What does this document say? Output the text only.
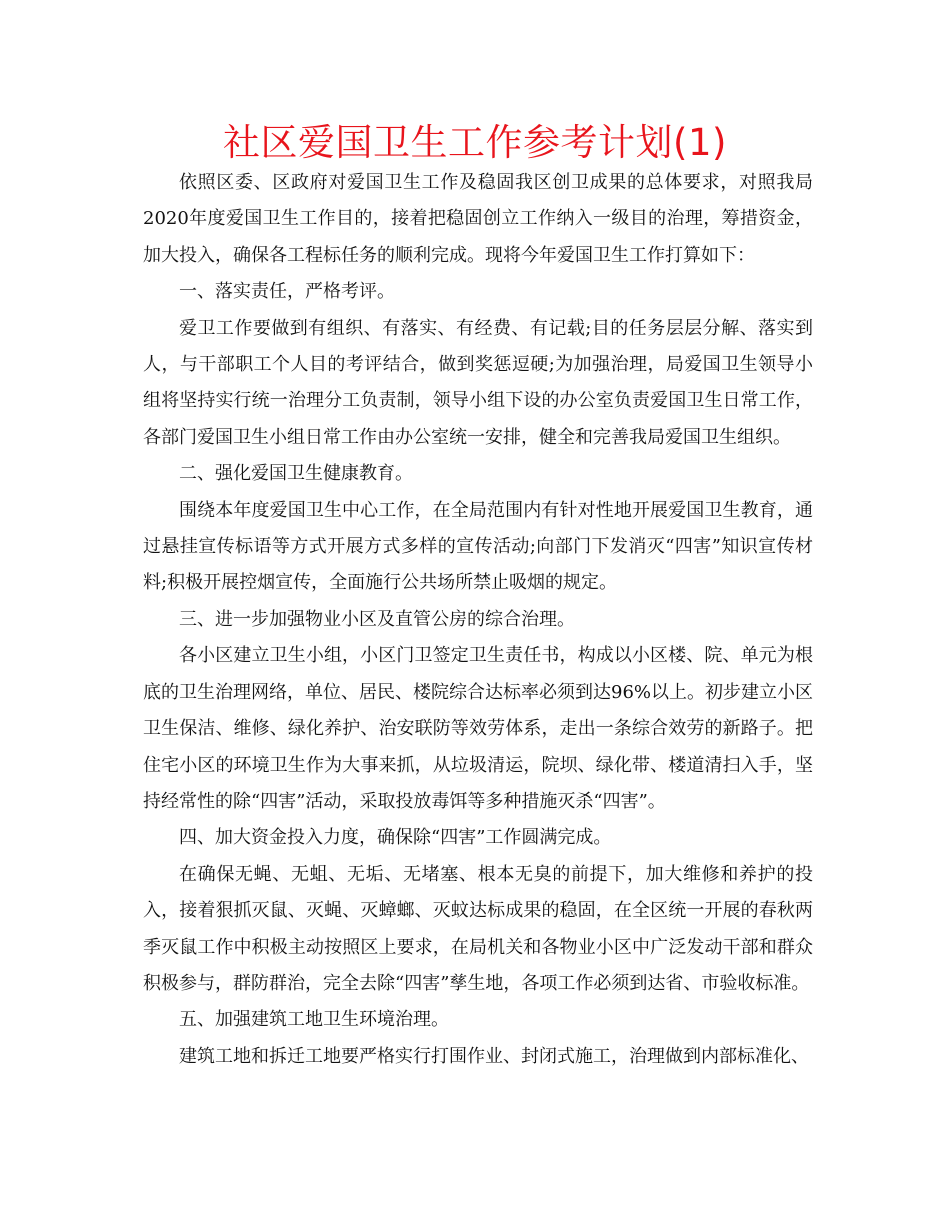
社区爱国卫生工作参考计划(1)

依照区委、区政府对爱国卫生工作及稳固我区创卫成果的总体要求，对照我局2020年度爱国卫生工作目的，接着把稳固创立工作纳入一级目的治理，筹措资金，加大投入，确保各工程标任务的顺利完成。现将今年爱国卫生工作打算如下：

一、落实责任，严格考评。

爱卫工作要做到有组织、有落实、有经费、有记载;目的任务层层分解、落实到人，与干部职工个人目的考评结合，做到奖惩逗硬;为加强治理，局爱国卫生领导小组将坚持实行统一治理分工负责制，领导小组下设的办公室负责爱国卫生日常工作，各部门爱国卫生小组日常工作由办公室统一安排，健全和完善我局爱国卫生组织。

二、强化爱国卫生健康教育。

围绕本年度爱国卫生中心工作，在全局范围内有针对性地开展爱国卫生教育，通过悬挂宣传标语等方式开展方式多样的宣传活动;向部门下发消灭“四害”知识宣传材料;积极开展控烟宣传，全面施行公共场所禁止吸烟的规定。

三、进一步加强物业小区及直管公房的综合治理。

各小区建立卫生小组，小区门卫签定卫生责任书，构成以小区楼、院、单元为根底的卫生治理网络，单位、居民、楼院综合达标率必须到达96%以上。初步建立小区卫生保洁、维修、绿化养护、治安联防等效劳体系，走出一条综合效劳的新路子。把住宅小区的环境卫生作为大事来抓，从垃圾清运，院坝、绿化带、楼道清扫入手，坚持经常性的除“四害”活动，采取投放毒饵等多种措施灭杀“四害”。

四、加大资金投入力度，确保除“四害”工作圆满完成。

在确保无蝇、无蛆、无垢、无堵塞、根本无臭的前提下，加大维修和养护的投入，接着狠抓灭鼠、灭蝇、灭蟑螂、灭蚊达标成果的稳固，在全区统一开展的春秋两季灭鼠工作中积极主动按照区上要求，在局机关和各物业小区中广泛发动干部和群众积极参与，群防群治，完全去除“四害”孳生地，各项工作必须到达省、市验收标准。

五、加强建筑工地卫生环境治理。

建筑工地和拆迁工地要严格实行打围作业、封闭式施工，治理做到内部标准化、
